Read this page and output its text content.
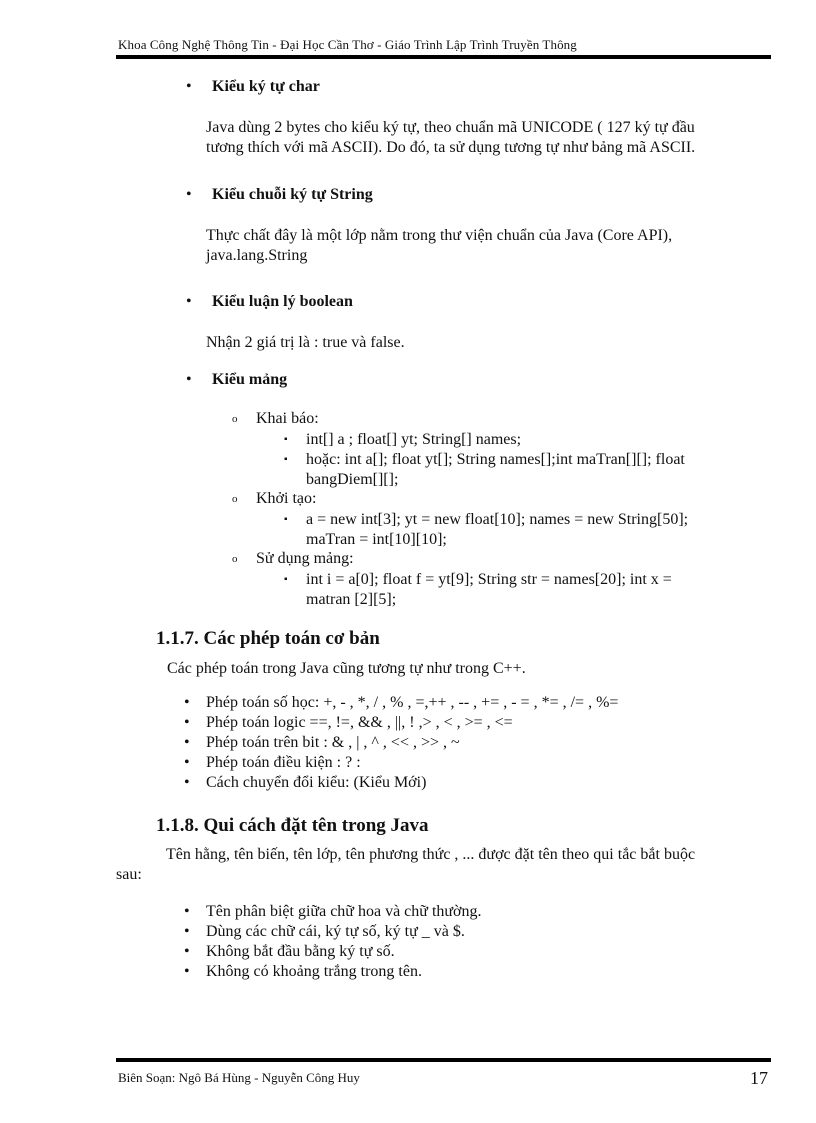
Khoa Công Nghệ Thông Tin - Đại Học Cần Thơ - Giáo Trình Lập Trình Truyền Thông
• Kiểu ký tự char
Java dùng 2 bytes cho kiểu ký tự, theo chuẩn mã UNICODE ( 127 ký tự đầu
tương thích với mã ASCII). Do đó, ta sử dụng tương tự như bảng mã ASCII.
• Kiểu chuỗi ký tự String
Thực chất đây là một lớp nằm trong thư viện chuẩn của Java (Core API),
java.lang.String
• Kiểu luận lý boolean
Nhận 2 giá trị là : true và false.
• Kiểu mảng
o Khai báo:
▪ int[] a ; float[] yt; String[] names;
▪ hoặc: int a[]; float yt[]; String names[];int maTran[][]; float
bangDiem[][];
o Khởi tạo:
▪ a = new int[3]; yt = new float[10]; names = new String[50];
maTran = int[10][10];
o Sử dụng mảng:
▪ int i = a[0]; float f = yt[9]; String str = names[20]; int x =
matran [2][5];
1.1.7. Các phép toán cơ bản
Các phép toán trong Java cũng tương tự như trong C++.
• Phép toán số học: +, - , *, / , % , =,++ , -- , += , - = , *= , /= , %=
• Phép toán logic ==, !=, && , ||, ! ,> , < , >= , <=
• Phép toán trên bit : & , | , ^ , << , >> , ~
• Phép toán điều kiện : ? :
• Cách chuyển đổi kiểu: (Kiểu Mới)
1.1.8. Qui cách đặt tên trong Java
Tên hằng, tên biến, tên lớp, tên phương thức , ... được đặt tên theo qui tắc bắt buộc
sau:
• Tên phân biệt giữa chữ hoa và chữ thường.
• Dùng các chữ cái, ký tự số, ký tự _ và $.
• Không bắt đầu bằng ký tự số.
• Không có khoảng trắng trong tên.
Biên Soạn: Ngô Bá Hùng - Nguyễn Công Huy	17
